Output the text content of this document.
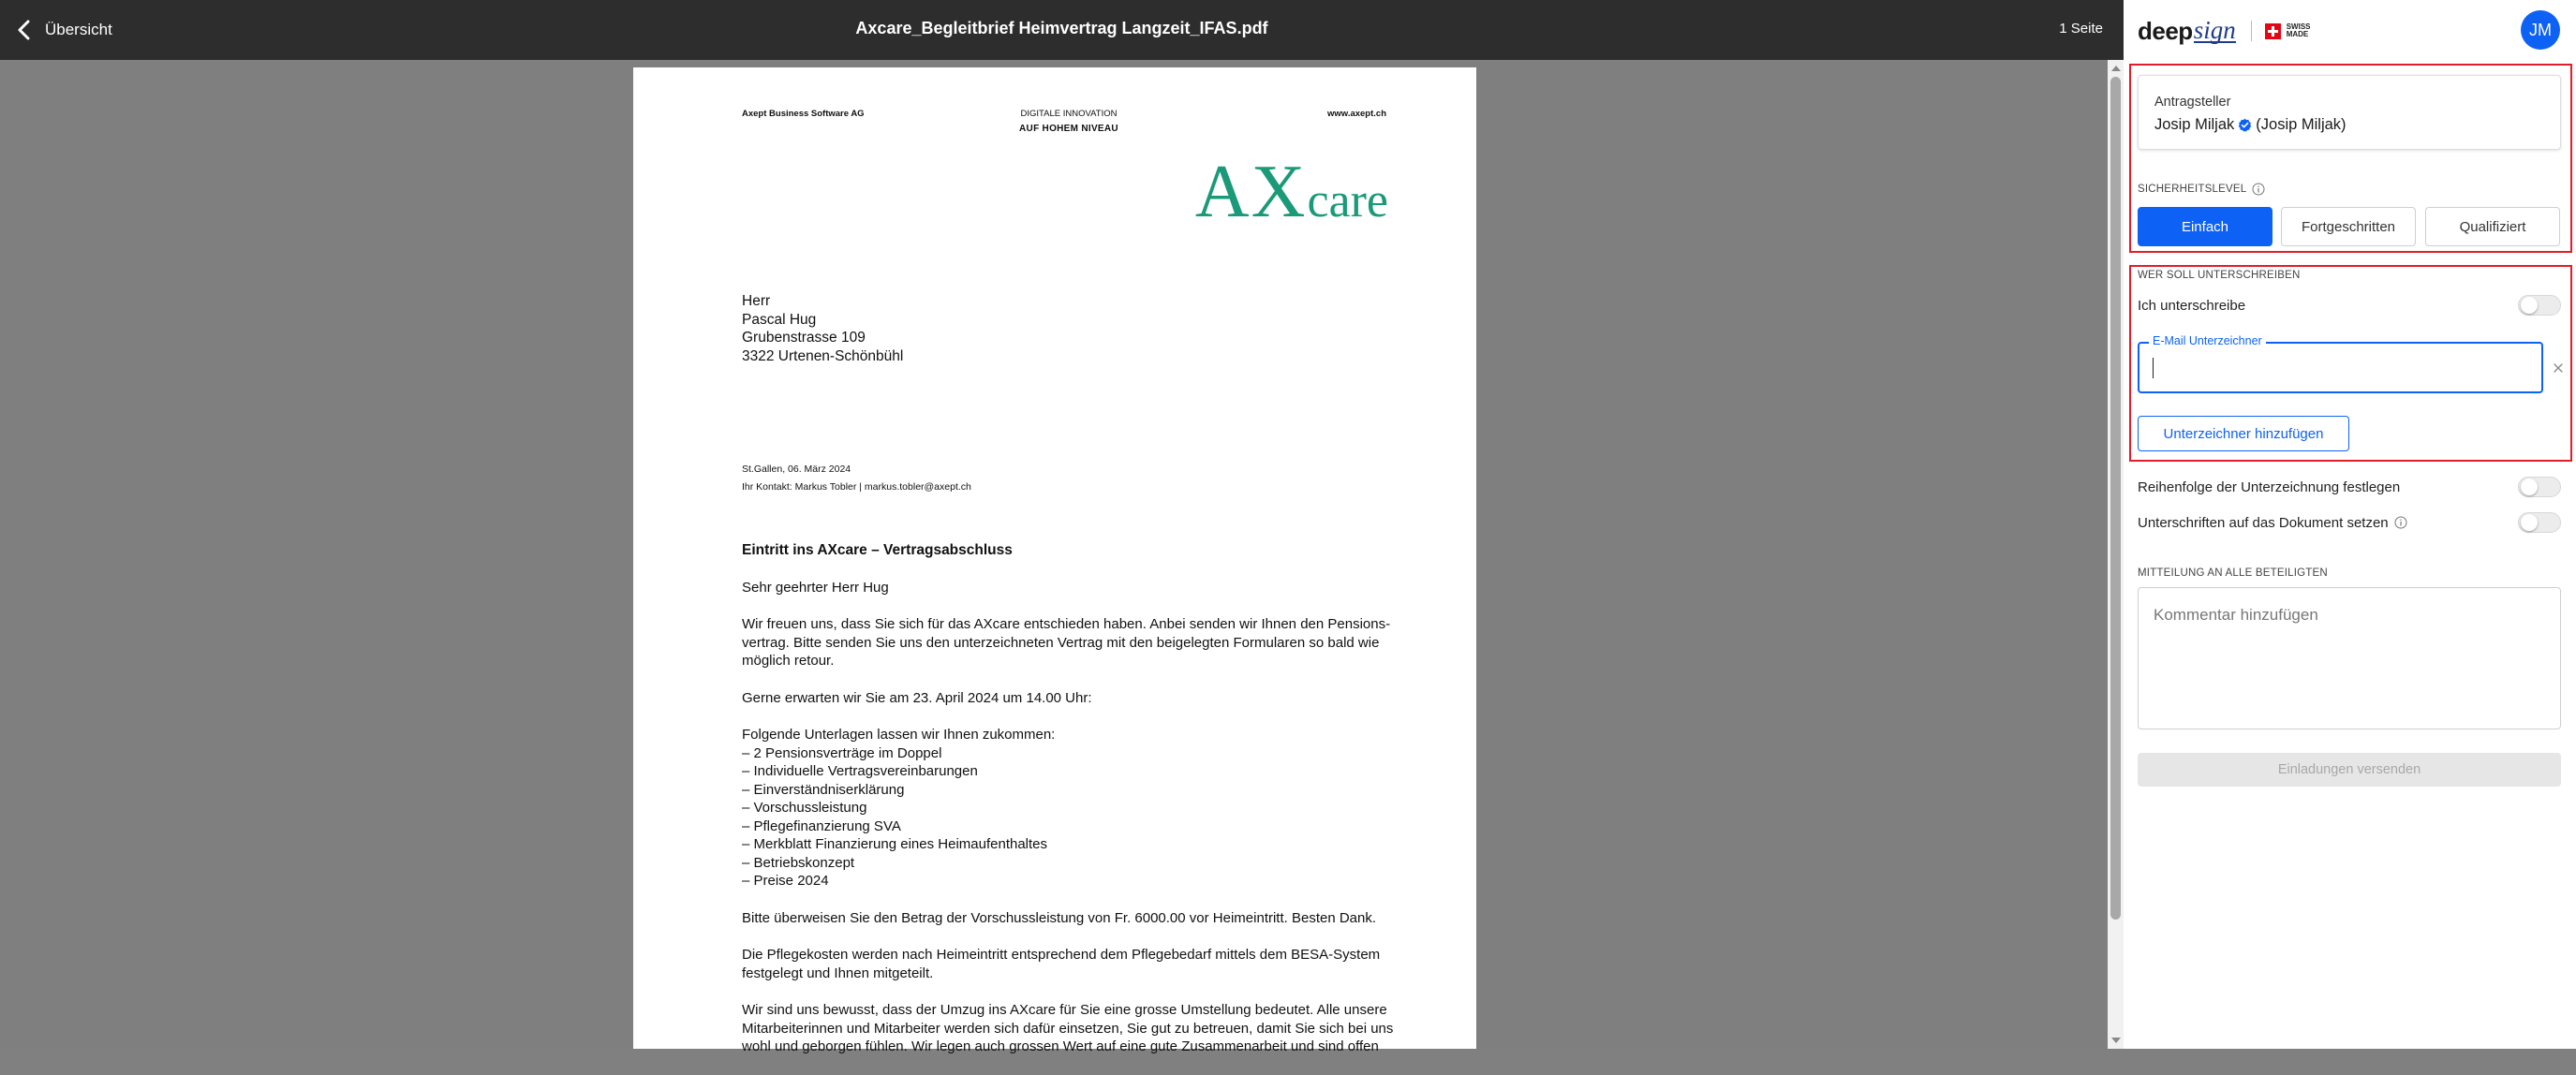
Übersicht	Axcare_Begleitbrief Heimvertrag Langzeit_IFAS.pdf	1 Seite
Axept Business Software AG	DIGITALE INNOVATION
AUF HOHEM NIVEAU
www.axept.ch
AXcare
Herr
Pascal Hug
Grubenstrasse 109
3322 Urtenen-Schönbühl
St.Gallen, 06. März 2024
Ihr Kontakt: Markus Tobler | markus.tobler@axept.ch
Eintritt ins AXcare – Vertragsabschluss
Sehr geehrter Herr Hug
Wir freuen uns, dass Sie sich für das AXcare entschieden haben. Anbei senden wir Ihnen den Pensions-vertrag. Bitte senden Sie uns den unterzeichneten Vertrag mit den beigelegten Formularen so bald wie möglich retour.
Gerne erwarten wir Sie am 23. April 2024 um 14.00 Uhr:
Folgende Unterlagen lassen wir Ihnen zukommen:
– 2 Pensionsverträge im Doppel
– Individuelle Vertragsvereinbarungen
– Einverständniserklärung
– Vorschussleistung
– Pflegefinanzierung SVA
– Merkblatt Finanzierung eines Heimaufenthaltes
– Betriebskonzept
– Preise 2024
Bitte überweisen Sie den Betrag der Vorschussleistung von Fr. 6000.00 vor Heimeintritt. Besten Dank.
Die Pflegekosten werden nach Heimeintritt entsprechend dem Pflegebedarf mittels dem BESA-System festgelegt und Ihnen mitgeteilt.
Wir sind uns bewusst, dass der Umzug ins AXcare für Sie eine grosse Umstellung bedeutet. Alle unsere Mitarbeiterinnen und Mitarbeiter werden sich dafür einsetzen, Sie gut zu betreuen, damit Sie sich bei uns wohl und geborgen fühlen. Wir legen auch grossen Wert auf eine gute Zusammenarbeit und sind offen
deep sign	SWISS
MADE	JM
Antragsteller
Josip Miljak (Josip Miljak)
SICHERHEITSLEVEL
Einfach	Fortgeschritten	Qualifiziert
WER SOLL UNTERSCHREIBEN
Ich unterschreibe
E-Mail Unterzeichner
Unterzeichner hinzufügen
Reihenfolge der Unterzeichnung festlegen
Unterschriften auf das Dokument setzen
MITTEILUNG AN ALLE BETEILIGTEN
Kommentar hinzufügen
Einladungen versenden
